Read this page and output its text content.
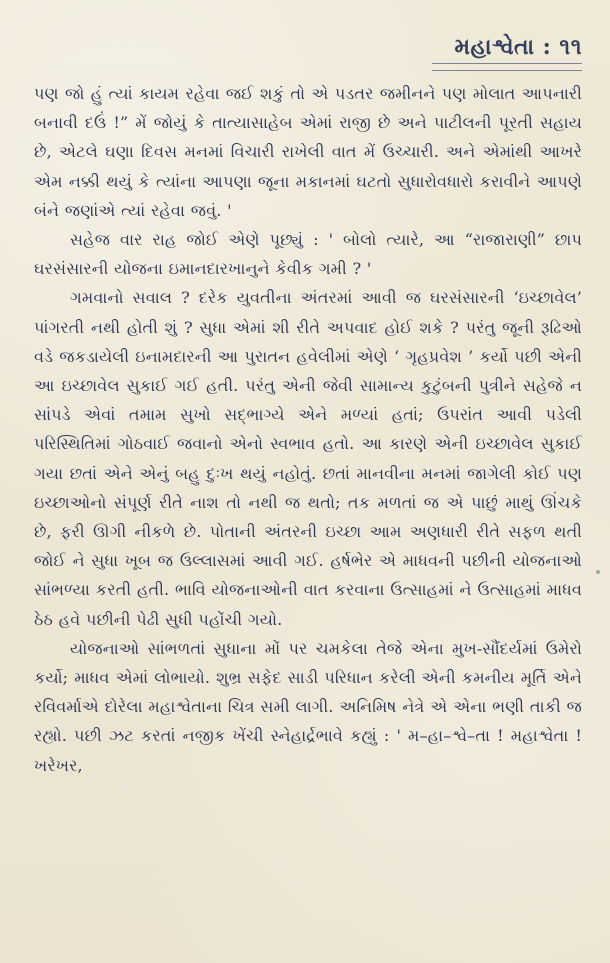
મહાશ્વેતા : ૧૧

પણ જો હું ત્યાં કાયમ રહેવા જઈ શકું તો એ પડતર જમીનને પણ મોલાત આપનારી બનાવી દઉં !” મેં જોયું કે તાત્યાસાહેબ એમાં રાજી છે અને પાટીલની પૂરતી સહાય છે, એટલે ઘણા દિવસ મનમાં વિચારી રાખેલી વાત મેં ઉચ્ચારી. અને એમાંથી આખરે એમ નક્કી થયું કે ત્યાંના આપણા જૂના મકાનમાં ઘટતો સુધારોવધારો કરાવીને આપણે બંને જણાંએ ત્યાં રહેવા જવું. '

સહેજ વાર રાહ જોઈ એણે પૂછ્યું : ' બોલો ત્યારે, આ “રાજારાણી” છાપ ઘરસંસારની યોજના ઇમાનદારખાનુને કેવીક ગમી ? '

ગમવાનો સવાલ ? દરેક યુવતીના અંતરમાં આવી જ ઘરસંસારની ‘ઇચ્છાવેલ’ પાંગરતી નથી હોતી શું ? સુધા એમાં શી રીતે અપવાદ હોઈ શકે ? પરંતુ જૂની રૂઢિઓ વડે જકડાયેલી ઇનામદારની આ પુરાતન હવેલીમાં એણે ‘ ગૃહપ્રવેશ ’ કર્યો પછી એની આ ઇચ્છાવેલ સુકાઈ ગઈ હતી. પરંતુ એની જેવી સામાન્ય કુટુંબની પુત્રીને સહેજે ન સાંપડે એવાં તમામ સુખો સદ્ભાગ્યે એને મળ્યાં હતાં; ઉપરાંત આવી પડેલી પરિસ્થિતિમાં ગોઠવાઈ જવાનો એનો સ્વભાવ હતો. આ કારણે એની ઇચ્છાવેલ સુકાઈ ગયા છતાં એને એનું બહુ દુઃખ થયું નહોતું. છતાં માનવીના મનમાં જાગેલી કોઈ પણ ઇચ્છાઓનો સંપૂર્ણ રીતે નાશ તો નથી જ થતો; તક મળતાં જ એ પાછું માથું ઊંચકે છે, ફરી ઊગી નીકળે છે. પોતાની અંતરની ઇચ્છા આમ અણધારી રીતે સફળ થતી જોઈ ને સુધા ખૂબ જ ઉલ્લાસમાં આવી ગઈ. હર્ષભેર એ માધવની પછીની યોજનાઓ સાંભળ્યા કરતી હતી. ભાવિ યોજનાઓની વાત કરવાના ઉત્સાહમાં ને ઉત્સાહમાં માધવ ઠેઠ હવે પછીની પેઢી સુધી પહોંચી ગયો.

યોજનાઓ સાંભળતાં સુધાના મોં પર ચમકેલા તેજે એના મુખ-સૌંદર્યમાં ઉમેરો કર્યો; માધવ એમાં લોભાયો. શુભ્ર સફેદ સાડી પરિધાન કરેલી એની કમનીય મૂર્તિ એને રવિવર્માએ દોરેલા મહાશ્વેતાના ચિત્ર સમી લાગી. અનિમિષ નેત્રે એ એના ભણી તાકી જ રહ્યો. પછી ઝટ કરતાં નજીક ખેંચી સ્નેહાર્દ્રભાવે કહ્યું : ' મ–હા–શ્વે–તા ! મહાશ્વેતા ! ખરેખર,
